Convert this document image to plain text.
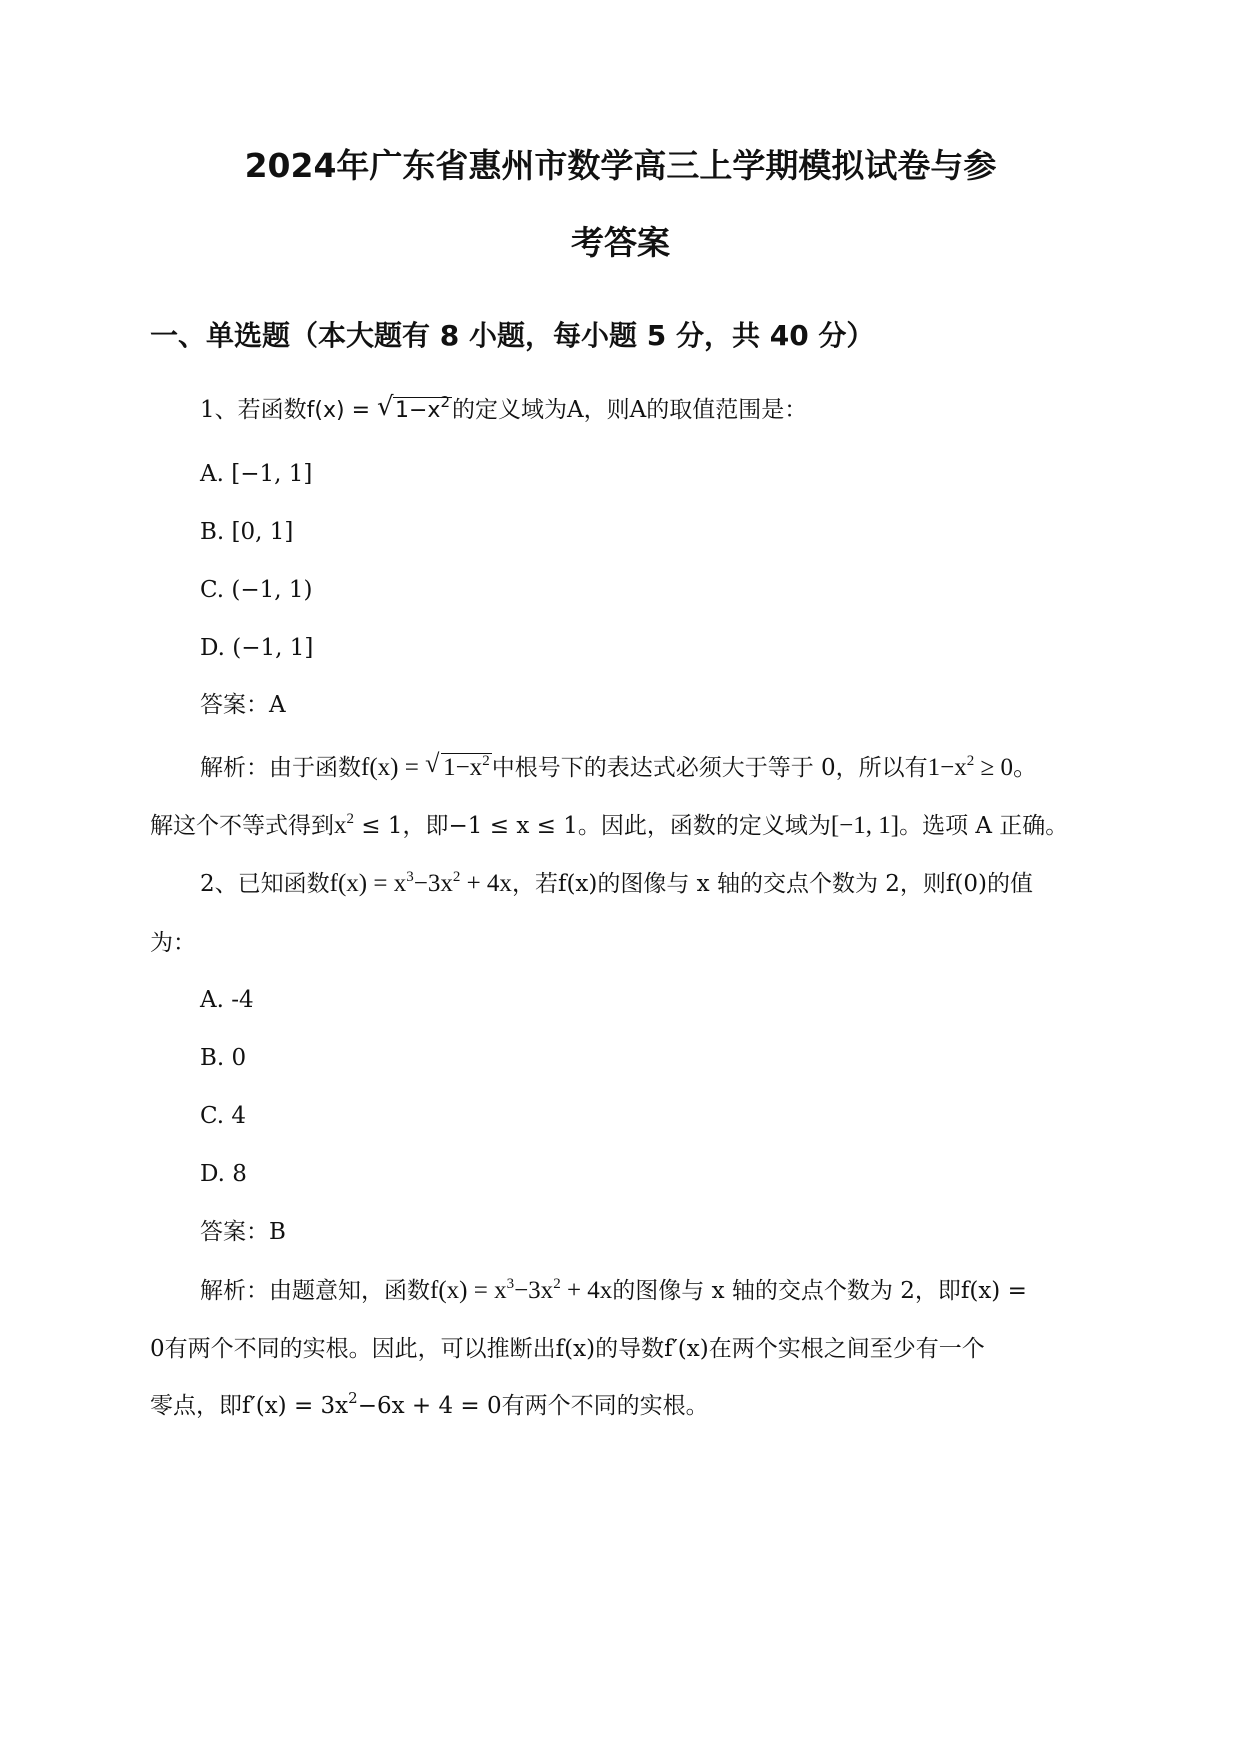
2024年广东省惠州市数学高三上学期模拟试卷与参
考答案
一、单选题（本大题有 8 小题，每小题 5 分，共 40 分）
1、若函数f(x) = √ $1-x^2$的定义域为A，则A的取值范围是：
A. [−1, 1]
B. [0, 1]
C. (−1, 1)
D. (−1, 1]
答案：A
解析：由于函数f(x) = √ $1-x^2$中根号下的表达式必须大于等于 0，所以有$1-x^2 \ge 0$。
解这个不等式得到$x^2 \le 1$，即−1 ≤ x ≤ 1。因此，函数的定义域为[−1, 1]。选项 A 正确。
2、已知函数$f(x) = x^3-3x^2 + 4x$，若f(x)的图像与 x 轴的交点个数为 2，则f(0)的值
为：
A. -4
B. 0
C. 4
D. 8
答案：B
解析：由题意知，函数$f(x) = x^3-3x^2 + 4x$的图像与 x 轴的交点个数为 2，即f(x) =
0有两个不同的实根。因此，可以推断出f(x)的导数f′(x)在两个实根之间至少有一个
零点，即$f'(x) = 3x^2-6x + 4 = 0$有两个不同的实根。
